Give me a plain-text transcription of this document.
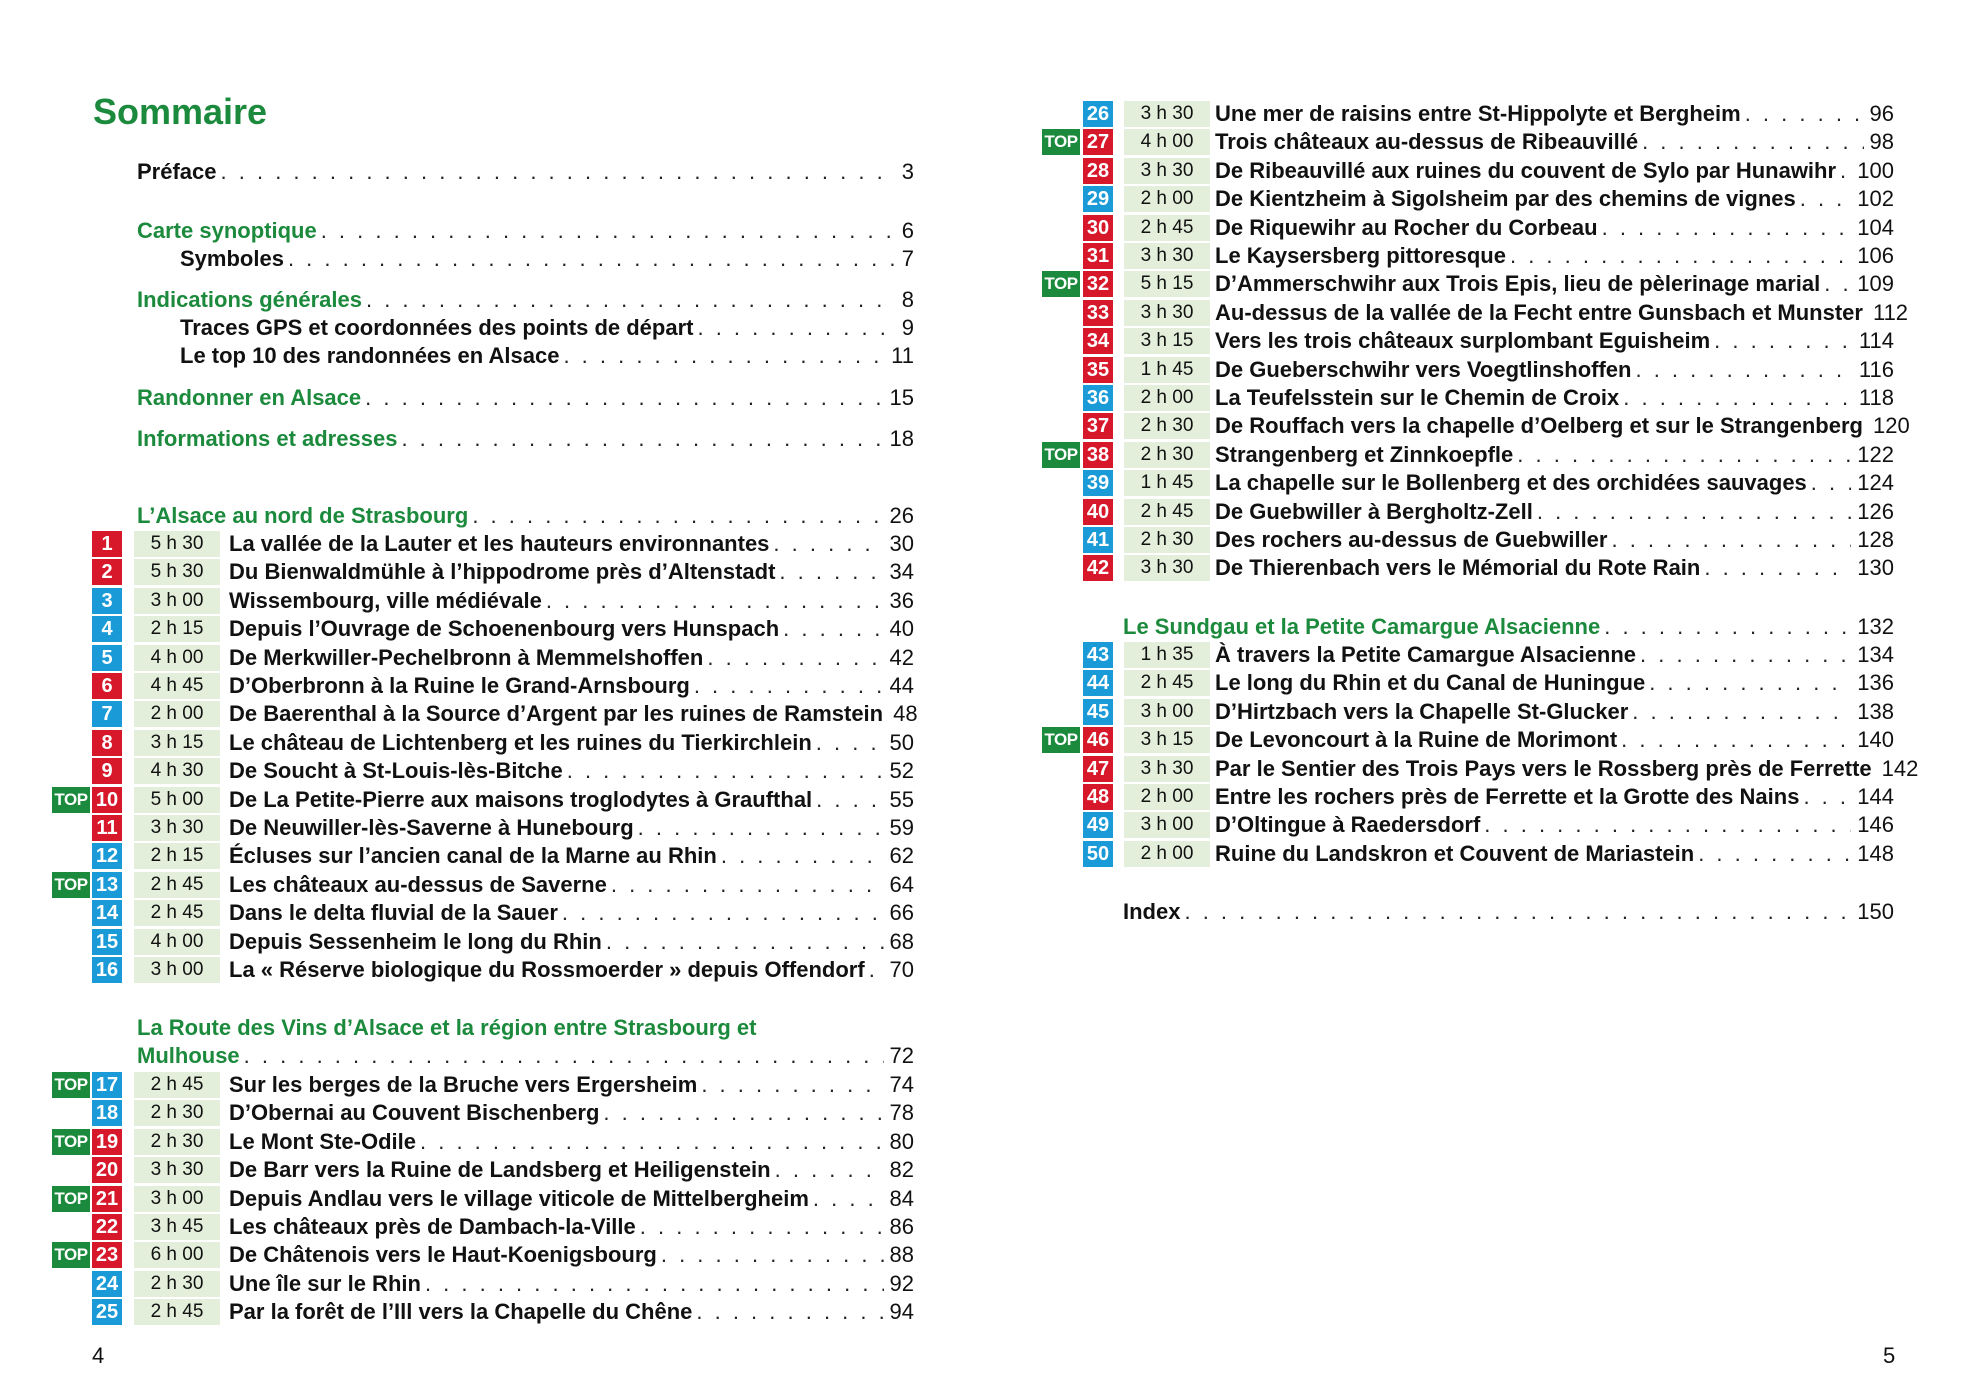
Sommaire
Préface . . .	3
Carte synoptique . . .	6
Symboles . . .	7
Indications générales . . .	8
Traces GPS et coordonnées des points de départ . . .	9
Le top 10 des randonnées en Alsace . . .	11
Randonner en Alsace . . .	15
Informations et adresses . . .	18
L’Alsace au nord de Strasbourg . . .	26
1	5 h 30	La vallée de la Lauter et les hauteurs environnantes . . .	30
2	5 h 30	Du Bienwaldmühle à l’hippodrome près d’Altenstadt . . .	34
3	3 h 00	Wissembourg, ville médiévale . . .	36
4	2 h 15	Depuis l’Ouvrage de Schoenenbourg vers Hunspach . . .	40
5	4 h 00	De Merkwiller-Pechelbronn à Memmelshoffen . . .	42
6	4 h 45	D’Oberbronn à la Ruine le Grand-Arnsbourg . . .	44
7	2 h 00	De Baerenthal à la Source d’Argent par les ruines de Ramstein 48
8	3 h 15	Le château de Lichtenberg et les ruines du Tierkirchlein . . .	50
9	4 h 30	De Soucht à St-Louis-lès-Bitche . . .	52
TOP 10	5 h 00	De La Petite-Pierre aux maisons troglodytes à Graufthal . . .	55
11	3 h 30	De Neuwiller-lès-Saverne à Hunebourg . . .	59
12	2 h 15	Écluses sur l’ancien canal de la Marne au Rhin . . .	62
TOP 13	2 h 45	Les châteaux au-dessus de Saverne . . .	64
14	2 h 45	Dans le delta fluvial de la Sauer . . .	66
15	4 h 00	Depuis Sessenheim le long du Rhin . . .	68
16	3 h 00	La « Réserve biologique du Rossmoerder » depuis Offendorf . . . 70
La Route des Vins d’Alsace et la région entre Strasbourg et
Mulhouse . . .	72
TOP 17	2 h 45	Sur les berges de la Bruche vers Ergersheim . . .	74
18	2 h 30	D’Obernai au Couvent Bischenberg . . .	78
TOP 19	2 h 30	Le Mont Ste-Odile . . .	80
20	3 h 30	De Barr vers la Ruine de Landsberg et Heiligenstein . . .	82
TOP 21	3 h 00	Depuis Andlau vers le village viticole de Mittelbergheim . . .	84
22	3 h 45	Les châteaux près de Dambach-la-Ville . . .	86
TOP 23	6 h 00	De Châtenois vers le Haut-Koenigsbourg . . .	88
24	2 h 30	Une île sur le Rhin . . .	92
25	2 h 45	Par la forêt de l’Ill vers la Chapelle du Chêne . . .	94
4
26	3 h 30 Une mer de raisins entre St-Hippolyte et Bergheim . . .	96
TOP 27	4 h 00 Trois châteaux au-dessus de Ribeauvillé . . .	98
28	3 h 30 De Ribeauvillé aux ruines du couvent de Sylo par Hunawihr . . . 100
29	2 h 00 De Kientzheim à Sigolsheim par des chemins de vignes . . .	102
30	2 h 45 De Riquewihr au Rocher du Corbeau . . .	104
31	3 h 30 Le Kaysersberg pittoresque . . .	106
TOP 32	5 h 15 D’Ammerschwihr aux Trois Epis, lieu de pèlerinage marial . . . 109
33	3 h 30 Au-dessus de la vallée de la Fecht entre Gunsbach et Munster 112
34	3 h 15 Vers les trois châteaux surplombant Eguisheim . . .	114
35	1 h 45 De Gueberschwihr vers Voegtlinshoffen . . .	116
36	2 h 00 La Teufelsstein sur le Chemin de Croix . . .	118
37	2 h 30 De Rouffach vers la chapelle d’Oelberg et sur le Strangenberg 120
TOP 38	2 h 30 Strangenberg et Zinnkoepfle . . .	122
39	1 h 45 La chapelle sur le Bollenberg et des orchidées sauvages . . . 124
40	2 h 45 De Guebwiller à Bergholtz-Zell . . .	126
41	2 h 30 Des rochers au-dessus de Guebwiller . . .	128
42	3 h 30 De Thierenbach vers le Mémorial du Rote Rain . . .	130
Le Sundgau et la Petite Camargue Alsacienne . . .	132
43	1 h 35 À travers la Petite Camargue Alsacienne . . .	134
44	2 h 45 Le long du Rhin et du Canal de Huningue . . .	136
45	3 h 00 D’Hirtzbach vers la Chapelle St-Glucker . . .	138
TOP 46	3 h 15 De Levoncourt à la Ruine de Morimont . . .	140
47	3 h 30 Par le Sentier des Trois Pays vers le Rossberg près de Ferrette 142
48	2 h 00 Entre les rochers près de Ferrette et la Grotte des Nains . . .	144
49	3 h 00 D’Oltingue à Raedersdorf . . .	146
50	2 h 00 Ruine du Landskron et Couvent de Mariastein . . .	148
Index . . .	150
5
